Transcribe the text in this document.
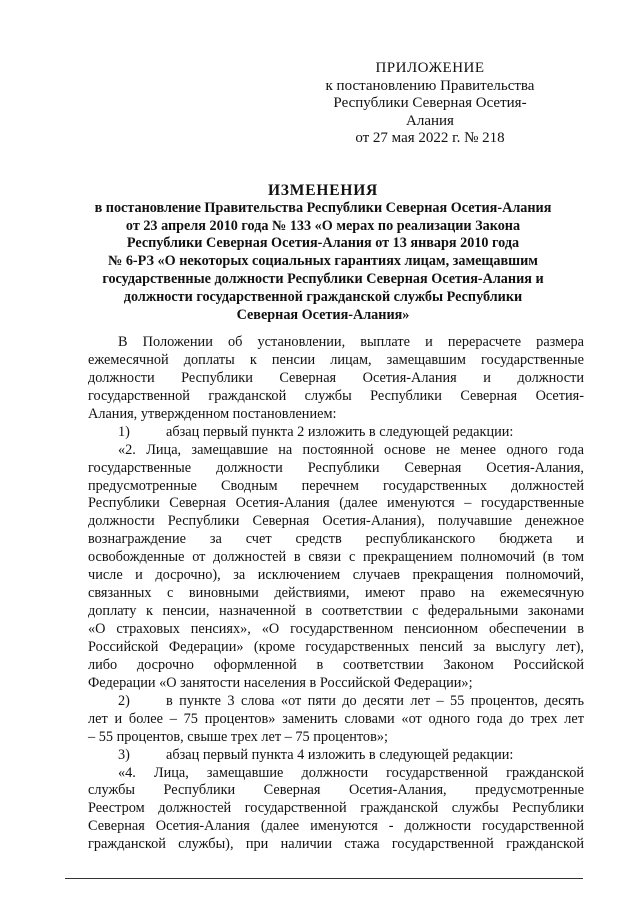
ПРИЛОЖЕНИЕ
к постановлению Правительства
Республики Северная Осетия-Алания
от 27 мая 2022 г. № 218
ИЗМЕНЕНИЯ
в постановление Правительства Республики Северная Осетия-Алания
от 23 апреля 2010 года № 133 «О мерах по реализации Закона
Республики Северная Осетия-Алания от 13 января 2010 года
№ 6-РЗ «О некоторых социальных гарантиях лицам, замещавшим
государственные должности Республики Северная Осетия-Алания и
должности государственной гражданской службы Республики
Северная Осетия-Алания»
В Положении об установлении, выплате и перерасчете размера
ежемесячной доплаты к пенсии лицам, замещавшим государственные
должности Республики Северная Осетия-Алания и должности
государственной гражданской службы Республики Северная Осетия-
Алания, утвержденном постановлением:
1)	абзац первый пункта 2 изложить в следующей редакции:
«2. Лица, замещавшие на постоянной основе не менее одного года
государственные должности Республики Северная Осетия-Алания,
предусмотренные Сводным перечнем государственных должностей
Республики Северная Осетия-Алания (далее именуются – государственные
должности Республики Северная Осетия-Алания), получавшие денежное
вознаграждение за счет средств республиканского бюджета и
освобожденные от должностей в связи с прекращением полномочий (в том
числе и досрочно), за исключением случаев прекращения полномочий,
связанных с виновными действиями, имеют право на ежемесячную
доплату к пенсии, назначенной в соответствии с федеральными законами
«О страховых пенсиях», «О государственном пенсионном обеспечении в
Российской Федерации» (кроме государственных пенсий за выслугу лет),
либо досрочно оформленной в соответствии Законом Российской
Федерации «О занятости населения в Российской Федерации»;
2)	в пункте 3 слова «от пяти до десяти лет – 55 процентов, десять
лет и более – 75 процентов» заменить словами «от одного года до трех лет
– 55 процентов, свыше трех лет – 75 процентов»;
3)	абзац первый пункта 4 изложить в следующей редакции:
«4. Лица, замещавшие должности государственной гражданской
службы Республики Северная Осетия-Алания, предусмотренные
Реестром должностей государственной гражданской службы Республики
Северная Осетия-Алания (далее именуются - должности государственной
гражданской службы), при наличии стажа государственной гражданской
